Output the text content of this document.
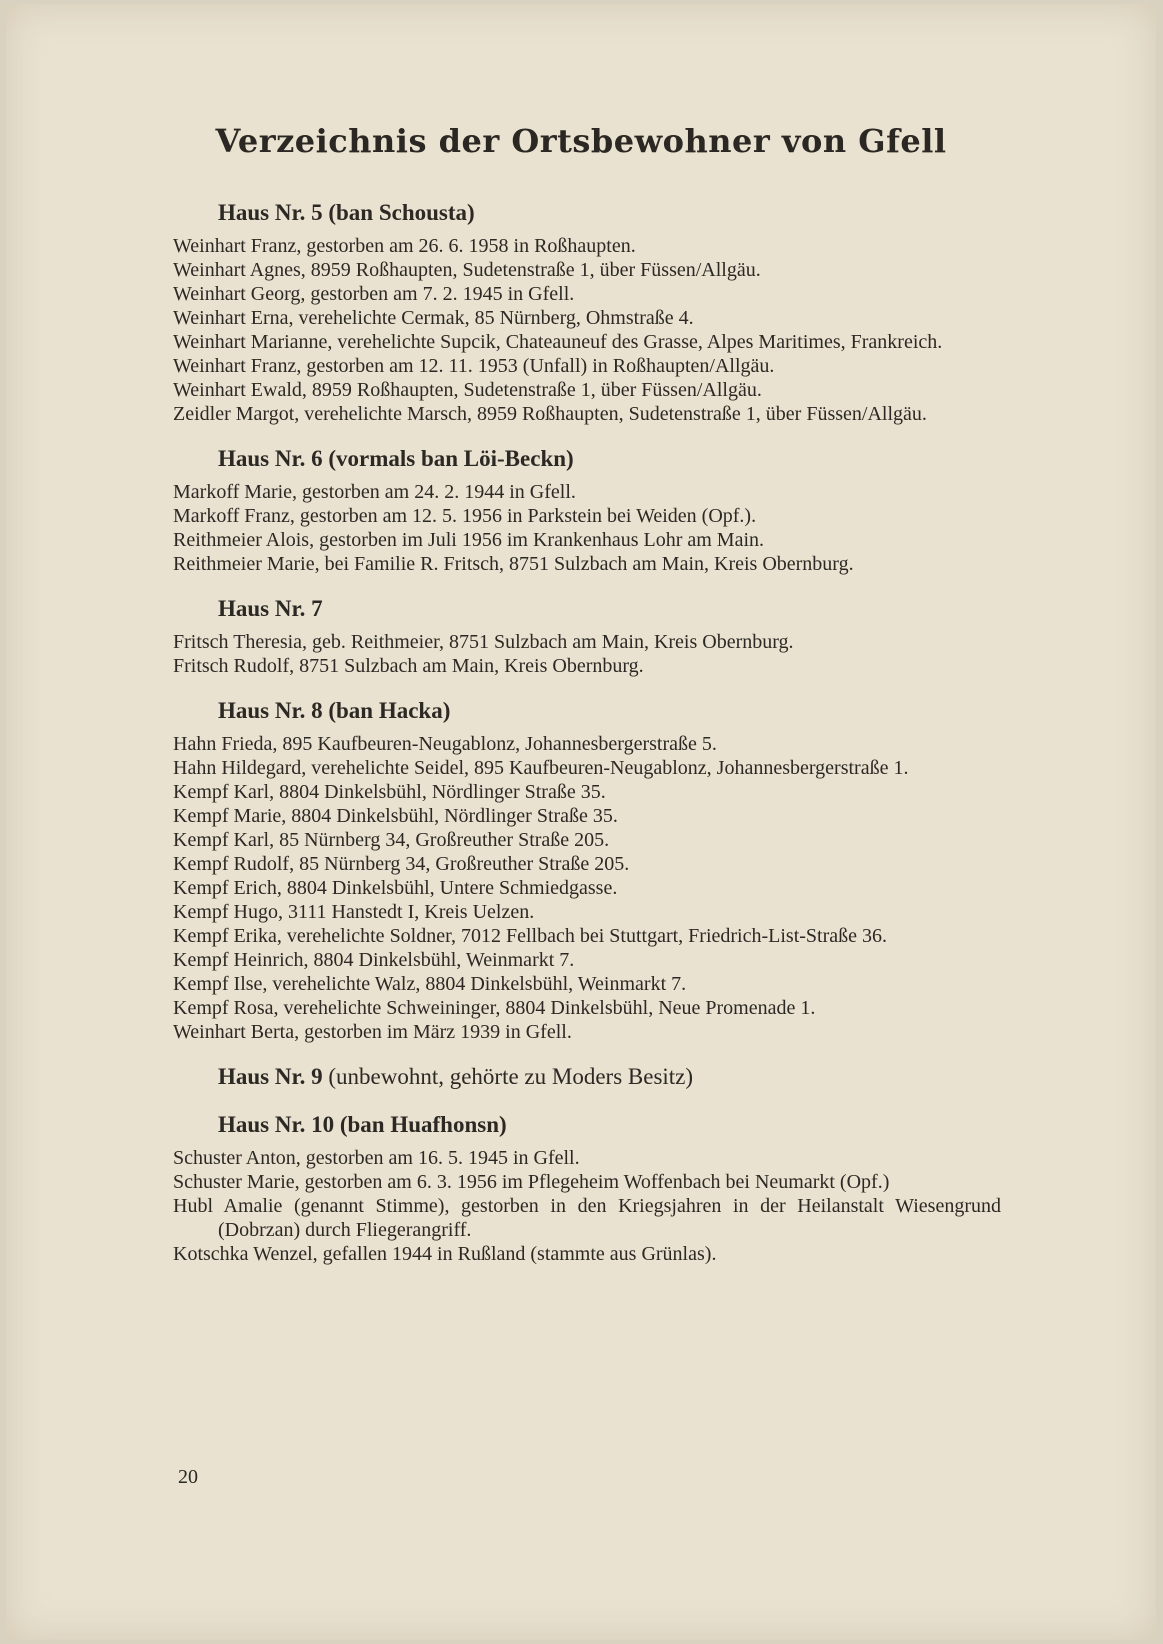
Verzeichnis der Ortsbewohner von Gfell
Haus Nr. 5 (ban Schousta)
Weinhart Franz, gestorben am 26. 6. 1958 in Roßhaupten.
Weinhart Agnes, 8959 Roßhaupten, Sudetenstraße 1, über Füssen/Allgäu.
Weinhart Georg, gestorben am 7. 2. 1945 in Gfell.
Weinhart Erna, verehelichte Cermak, 85 Nürnberg, Ohmstraße 4.
Weinhart Marianne, verehelichte Supcik, Chateauneuf des Grasse, Alpes Maritimes, Frankreich.
Weinhart Franz, gestorben am 12. 11. 1953 (Unfall) in Roßhaupten/Allgäu.
Weinhart Ewald, 8959 Roßhaupten, Sudetenstraße 1, über Füssen/Allgäu.
Zeidler Margot, verehelichte Marsch, 8959 Roßhaupten, Sudetenstraße 1, über Füssen/Allgäu.
Haus Nr. 6 (vormals ban Löi-Beckn)
Markoff Marie, gestorben am 24. 2. 1944 in Gfell.
Markoff Franz, gestorben am 12. 5. 1956 in Parkstein bei Weiden (Opf.).
Reithmeier Alois, gestorben im Juli 1956 im Krankenhaus Lohr am Main.
Reithmeier Marie, bei Familie R. Fritsch, 8751 Sulzbach am Main, Kreis Obernburg.
Haus Nr. 7
Fritsch Theresia, geb. Reithmeier, 8751 Sulzbach am Main, Kreis Obernburg.
Fritsch Rudolf, 8751 Sulzbach am Main, Kreis Obernburg.
Haus Nr. 8 (ban Hacka)
Hahn Frieda, 895 Kaufbeuren-Neugablonz, Johannesbergerstraße 5.
Hahn Hildegard, verehelichte Seidel, 895 Kaufbeuren-Neugablonz, Johannesbergerstraße 1.
Kempf Karl, 8804 Dinkelsbühl, Nördlinger Straße 35.
Kempf Marie, 8804 Dinkelsbühl, Nördlinger Straße 35.
Kempf Karl, 85 Nürnberg 34, Großreuther Straße 205.
Kempf Rudolf, 85 Nürnberg 34, Großreuther Straße 205.
Kempf Erich, 8804 Dinkelsbühl, Untere Schmiedgasse.
Kempf Hugo, 3111 Hanstedt I, Kreis Uelzen.
Kempf Erika, verehelichte Soldner, 7012 Fellbach bei Stuttgart, Friedrich-List-Straße 36.
Kempf Heinrich, 8804 Dinkelsbühl, Weinmarkt 7.
Kempf Ilse, verehelichte Walz, 8804 Dinkelsbühl, Weinmarkt 7.
Kempf Rosa, verehelichte Schweininger, 8804 Dinkelsbühl, Neue Promenade 1.
Weinhart Berta, gestorben im März 1939 in Gfell.
Haus Nr. 9 (unbewohnt, gehörte zu Moders Besitz)
Haus Nr. 10 (ban Huafhonsn)
Schuster Anton, gestorben am 16. 5. 1945 in Gfell.
Schuster Marie, gestorben am 6. 3. 1956 im Pflegeheim Woffenbach bei Neumarkt (Opf.)
Hubl Amalie (genannt Stimme), gestorben in den Kriegsjahren in der Heilanstalt Wiesengrund (Dobrzan) durch Fliegerangriff.
Kotschka Wenzel, gefallen 1944 in Rußland (stammte aus Grünlas).
20
